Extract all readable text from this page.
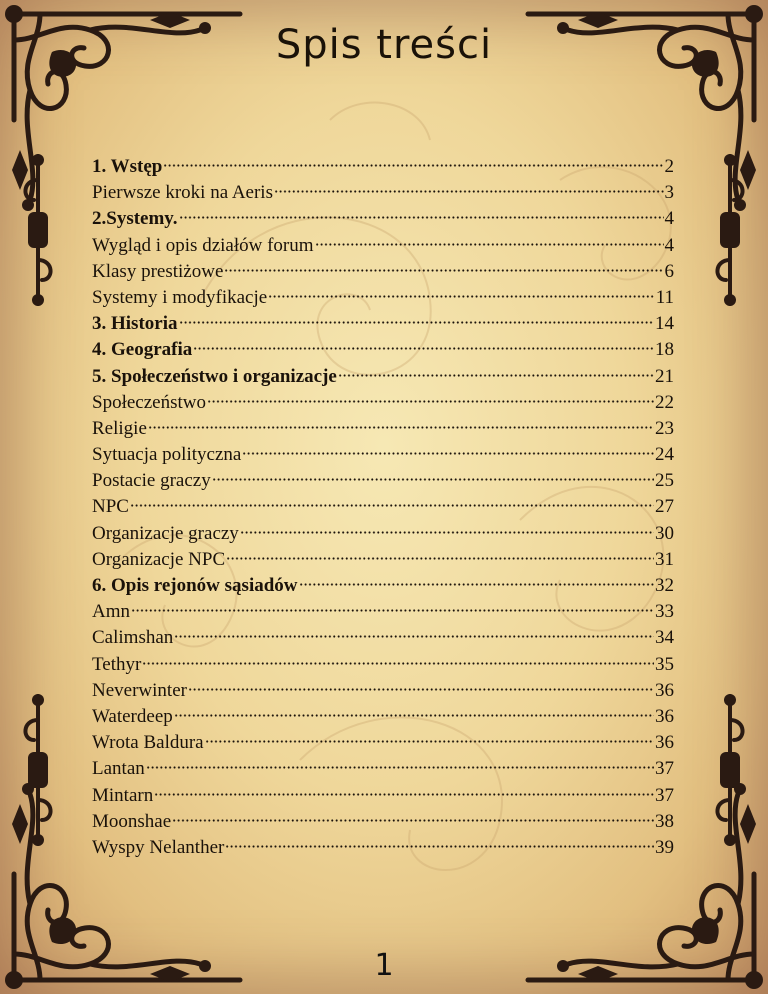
Spis treści
1. Wstęp	2
Pierwsze kroki na Aeris	3
2.Systemy.	4
Wygląd i opis działów forum	4
Klasy prestiżowe	6
Systemy i modyfikacje	11
3. Historia	14
4. Geografia	18
5. Społeczeństwo i organizacje	21
Społeczeństwo	22
Religie	23
Sytuacja polityczna	24
Postacie graczy	25
NPC	27
Organizacje graczy	30
Organizacje NPC	31
6. Opis rejonów sąsiadów	32
Amn	33
Calimshan	34
Tethyr	35
Neverwinter	36
Waterdeep	36
Wrota Baldura	36
Lantan	37
Mintarn	37
Moonshae	38
Wyspy Nelanther	39
1
